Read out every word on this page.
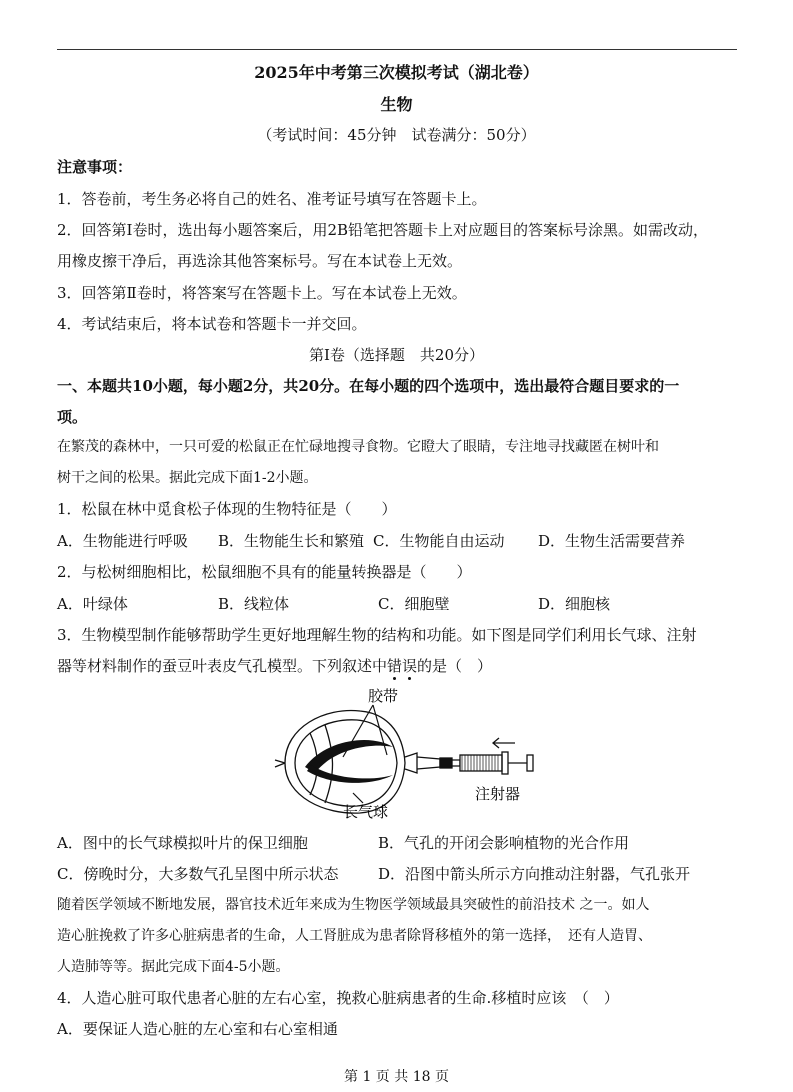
2025年中考第三次模拟考试（湖北卷）
生物
（考试时间：45分钟　试卷满分：50分）
注意事项：
1．答卷前，考生务必将自己的姓名、准考证号填写在答题卡上。
2．回答第Ⅰ卷时，选出每小题答案后，用2B铅笔把答题卡上对应题目的答案标号涂黑。如需改动，
用橡皮擦干净后，再选涂其他答案标号。写在本试卷上无效。
3．回答第Ⅱ卷时，将答案写在答题卡上。写在本试卷上无效。
4．考试结束后，将本试卷和答题卡一并交回。
第Ⅰ卷（选择题　共20分）
一、本题共10小题，每小题2分，共20分。在每小题的四个选项中，选出最符合题目要求的一
项。
在繁茂的森林中，一只可爱的松鼠正在忙碌地搜寻食物。它瞪大了眼睛，专注地寻找藏匿在树叶和
树干之间的松果。据此完成下面1-2小题。
1．松鼠在林中觅食松子体现的生物特征是（　　）
A．生物能进行呼吸 B．生物能生长和繁殖 C．生物能自由运动 D．生物生活需要营养
2．与松树细胞相比，松鼠细胞不具有的能量转换器是（　　）
A．叶绿体	B．线粒体	C．细胞壁	D．细胞核
3．生物模型制作能够帮助学生更好地理解生物的结构和功能。如下图是同学们利用长气球、注射
器等材料制作的蚕豆叶表皮气孔模型。下列叙述中错误的是（　）
胶带
长气球
注射器
A．图中的长气球模拟叶片的保卫细胞	B．气孔的开闭会影响植物的光合作用
C．傍晚时分，大多数气孔呈图中所示状态	D．沿图中箭头所示方向推动注射器，气孔张开
随着医学领域不断地发展，器官技术近年来成为生物医学领域最具突破性的前沿技术 之一。如人
造心脏挽救了许多心脏病患者的生命，人工肾脏成为患者除肾移植外的第一选择，　还有人造胃、
人造肺等等。据此完成下面4-5小题。
4．人造心脏可取代患者心脏的左右心室，挽救心脏病患者的生命.移植时应该　（　）
A．要保证人造心脏的左心室和右心室相通
第 1 页 共 18 页
